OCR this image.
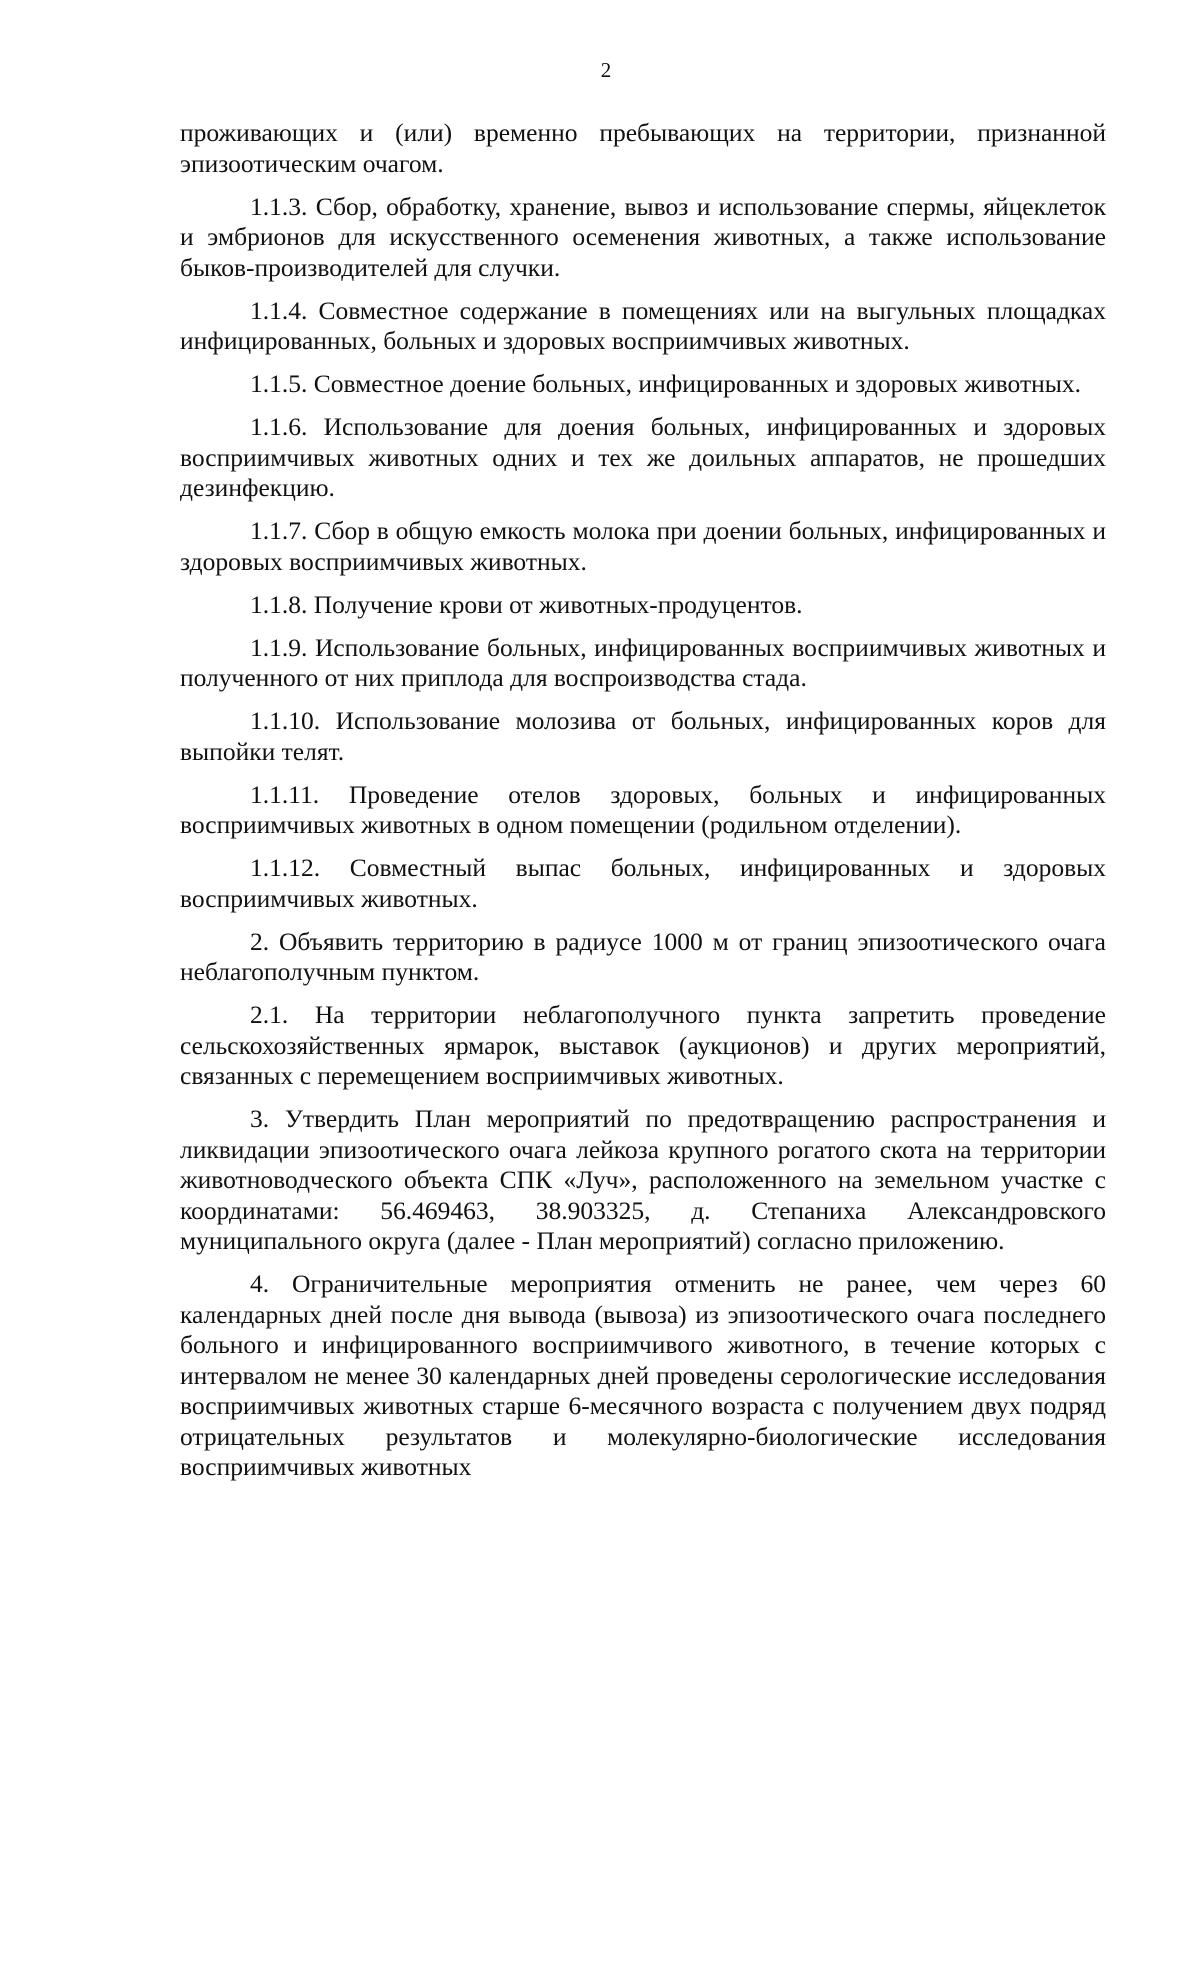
2

проживающих и (или) временно пребывающих на территории, признанной эпизоотическим очагом.

1.1.3. Сбор, обработку, хранение, вывоз и использование спермы, яйцеклеток и эмбрионов для искусственного осеменения животных, а также использование быков-производителей для случки.

1.1.4. Совместное содержание в помещениях или на выгульных площадках инфицированных, больных и здоровых восприимчивых животных.

1.1.5. Совместное доение больных, инфицированных и здоровых животных.

1.1.6. Использование для доения больных, инфицированных и здоровых восприимчивых животных одних и тех же доильных аппаратов, не прошедших дезинфекцию.

1.1.7. Сбор в общую емкость молока при доении больных, инфицированных и здоровых восприимчивых животных.

1.1.8. Получение крови от животных-продуцентов.

1.1.9. Использование больных, инфицированных восприимчивых животных и полученного от них приплода для воспроизводства стада.

1.1.10. Использование молозива от больных, инфицированных коров для выпойки телят.

1.1.11. Проведение отелов здоровых, больных и инфицированных восприимчивых животных в одном помещении (родильном отделении).

1.1.12. Совместный выпас больных, инфицированных и здоровых восприимчивых животных.

2. Объявить территорию в радиусе 1000 м от границ эпизоотического очага неблагополучным пунктом.

2.1. На территории неблагополучного пункта запретить проведение сельскохозяйственных ярмарок, выставок (аукционов) и других мероприятий, связанных с перемещением восприимчивых животных.

3. Утвердить План мероприятий по предотвращению распространения и ликвидации эпизоотического очага лейкоза крупного рогатого скота на территории животноводческого объекта СПК «Луч», расположенного на земельном участке с координатами: 56.469463, 38.903325, д. Степаниха Александровского муниципального округа (далее - План мероприятий) согласно приложению.

4. Ограничительные мероприятия отменить не ранее, чем через 60 календарных дней после дня вывода (вывоза) из эпизоотического очага последнего больного и инфицированного восприимчивого животного, в течение которых с интервалом не менее 30 календарных дней проведены серологические исследования восприимчивых животных старше 6-месячного возраста с получением двух подряд отрицательных результатов и молекулярно-биологические исследования восприимчивых животных
